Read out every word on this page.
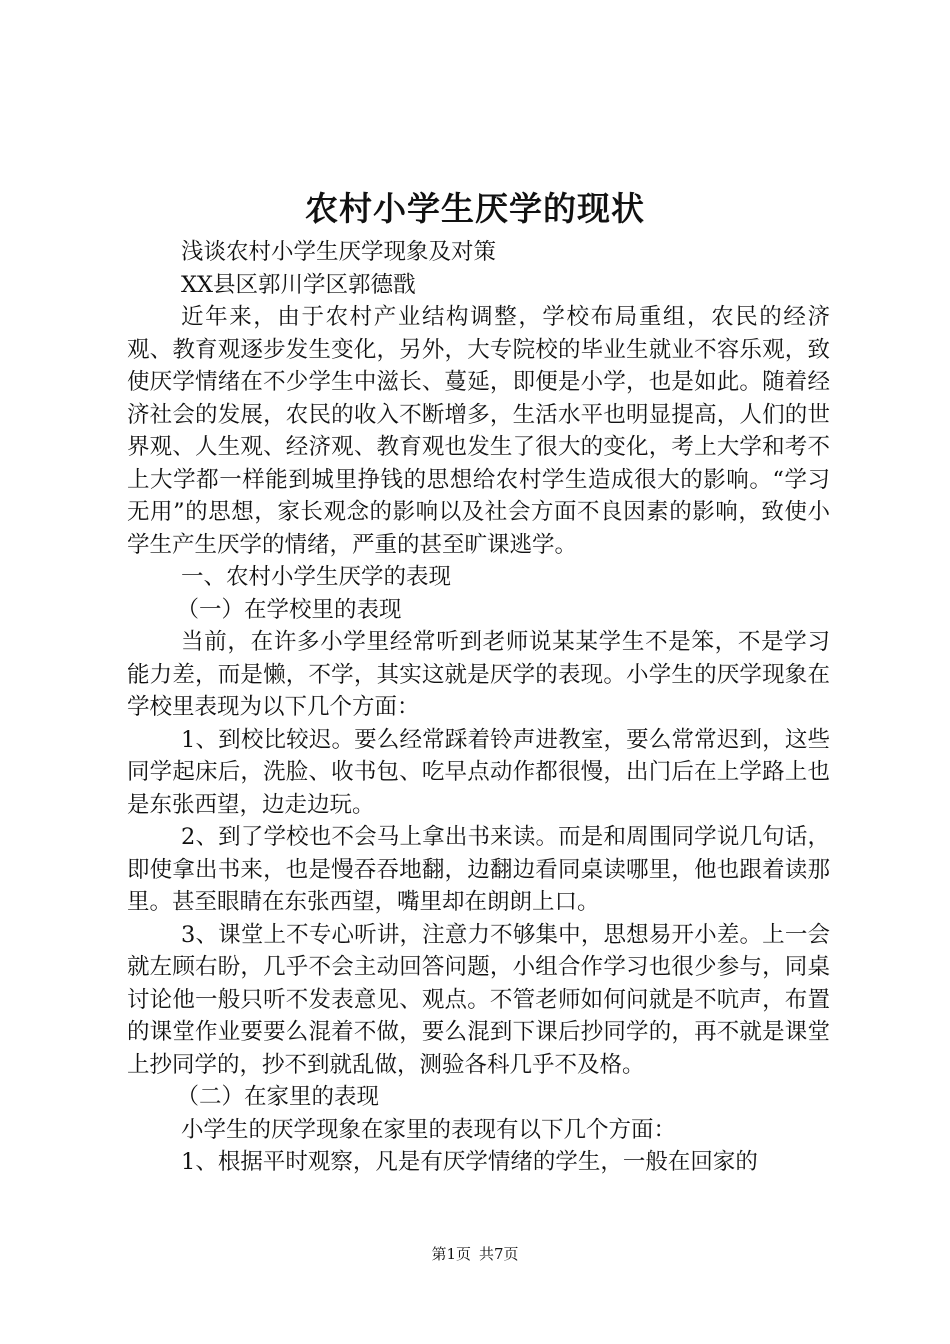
农村小学生厌学的现状

浅谈农村小学生厌学现象及对策

XX县区郭川学区郭德戬

近年来，由于农村产业结构调整，学校布局重组，农民的经济观、教育观逐步发生变化，另外，大专院校的毕业生就业不容乐观，致使厌学情绪在不少学生中滋长、蔓延，即便是小学，也是如此。随着经济社会的发展，农民的收入不断增多，生活水平也明显提高，人们的世界观、人生观、经济观、教育观也发生了很大的变化，考上大学和考不上大学都一样能到城里挣钱的思想给农村学生造成很大的影响。“学习无用”的思想，家长观念的影响以及社会方面不良因素的影响，致使小学生产生厌学的情绪，严重的甚至旷课逃学。

一、农村小学生厌学的表现

（一）在学校里的表现

当前，在许多小学里经常听到老师说某某学生不是笨，不是学习能力差，而是懒，不学，其实这就是厌学的表现。小学生的厌学现象在学校里表现为以下几个方面：

1、到校比较迟。要么经常踩着铃声进教室，要么常常迟到，这些同学起床后，洗脸、收书包、吃早点动作都很慢，出门后在上学路上也是东张西望，边走边玩。

2、到了学校也不会马上拿出书来读。而是和周围同学说几句话，即使拿出书来，也是慢吞吞地翻，边翻边看同桌读哪里，他也跟着读那里。甚至眼睛在东张西望，嘴里却在朗朗上口。

3、课堂上不专心听讲，注意力不够集中，思想易开小差。上一会就左顾右盼，几乎不会主动回答问题，小组合作学习也很少参与，同桌讨论他一般只听不发表意见、观点。不管老师如何问就是不吭声，布置的课堂作业要要么混着不做，要么混到下课后抄同学的，再不就是课堂上抄同学的，抄不到就乱做，测验各科几乎不及格。

（二）在家里的表现

小学生的厌学现象在家里的表现有以下几个方面：

1、根据平时观察，凡是有厌学情绪的学生，一般在回家的

第1页 共7页
